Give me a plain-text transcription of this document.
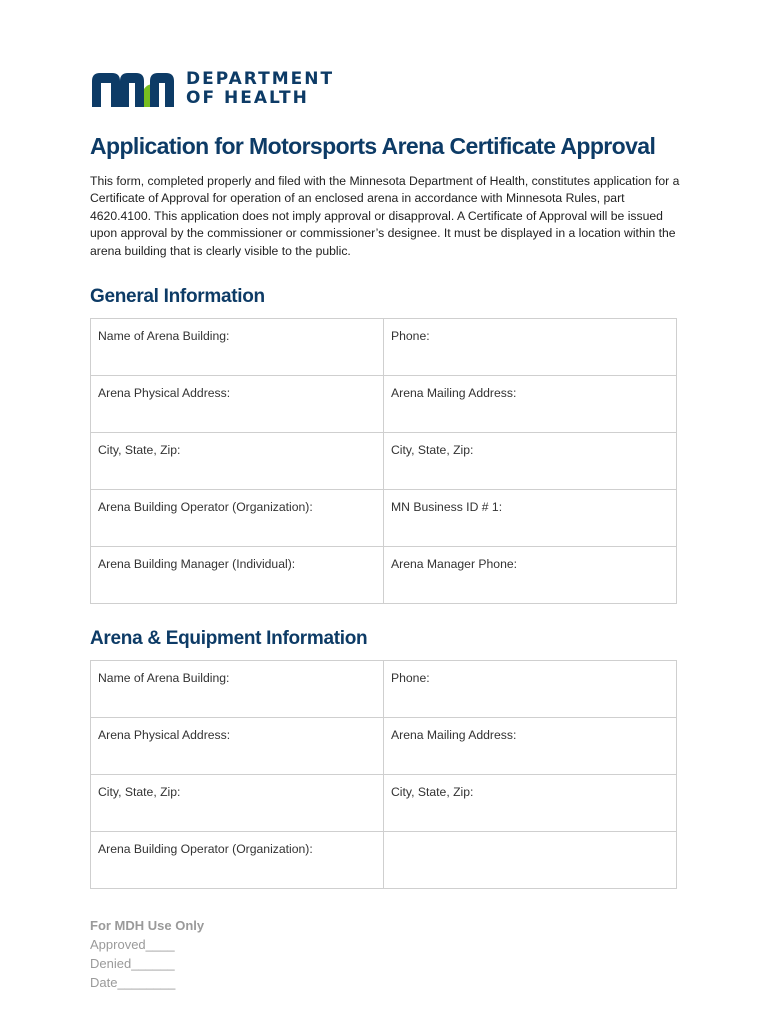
DEPARTMENT
OF HEALTH
Application for Motorsports Arena Certificate Approval

This form, completed properly and filed with the Minnesota Department of Health, constitutes application for a Certificate of Approval for operation of an enclosed arena in accordance with Minnesota Rules, part 4620.4100. This application does not imply approval or disapproval. A Certificate of Approval will be issued upon approval by the commissioner or commissioner’s designee. It must be displayed in a location within the arena building that is clearly visible to the public.

General Information
Name of Arena Building:	Phone:
Arena Physical Address:	Arena Mailing Address:
City, State, Zip:	City, State, Zip:
Arena Building Operator (Organization):	MN Business ID # 1:
Arena Building Manager (Individual):	Arena Manager Phone:
Arena & Equipment Information
Name of Arena Building:	Phone:
Arena Physical Address:	Arena Mailing Address:
City, State, Zip:	City, State, Zip:
Arena Building Operator (Organization):	
For MDH Use Only
Approved____
Denied______
Date________
